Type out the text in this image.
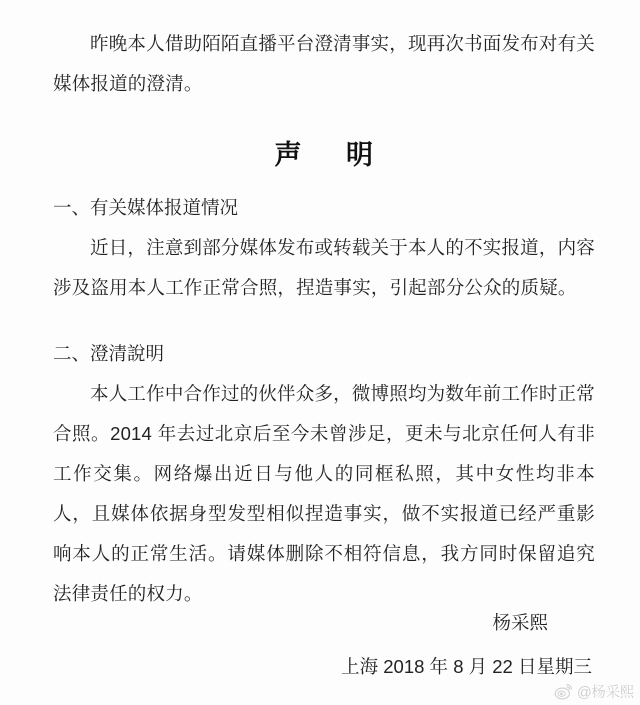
昨晚本人借助陌陌直播平台澄清事实，现再次书面发布对有关媒体报道的澄清。

声 明
一、有关媒体报道情况

近日，注意到部分媒体发布或转载关于本人的不实报道，内容涉及盗用本人工作正常合照，捏造事实，引起部分公众的质疑。

二、澄清說明

本人工作中合作过的伙伴众多，微博照均为数年前工作时正常合照。2014 年去过北京后至今未曾涉足，更未与北京任何人有非工作交集。网络爆出近日与他人的同框私照，其中女性均非本人，且媒体依据身型发型相似捏造事实，做不实报道已经严重影响本人的正常生活。请媒体删除不相符信息，我方同时保留追究法律责任的权力。

杨采熙
上海 2018 年 8 月 22 日星期三
@杨采熙
